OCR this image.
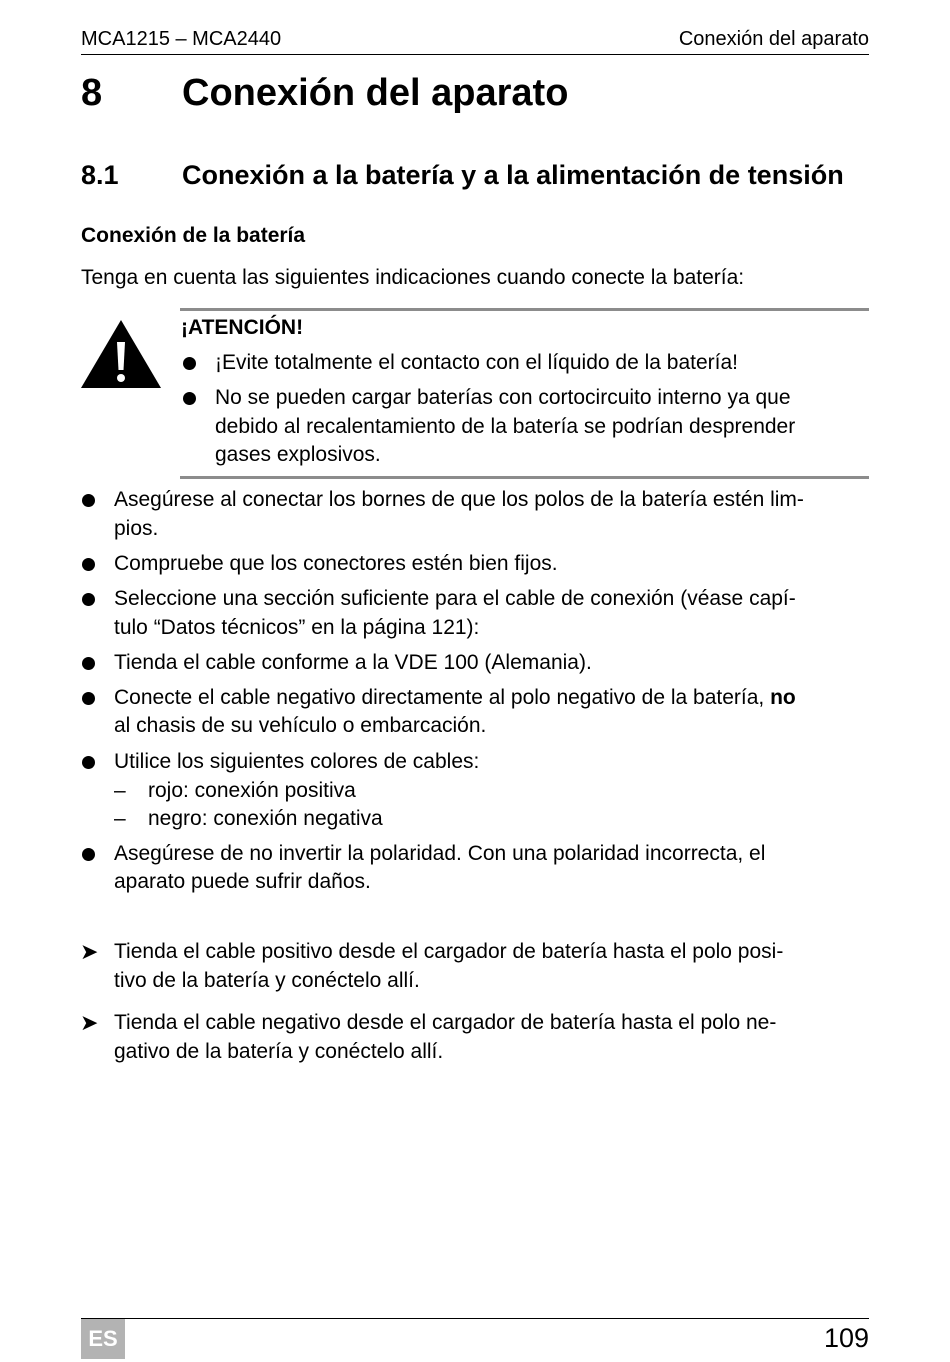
MCA1215 – MCA2440	Conexión del aparato
8 Conexión del aparato
8.1 Conexión a la batería y a la alimentación de tensión
Conexión de la batería
Tenga en cuenta las siguientes indicaciones cuando conecte la batería:
¡ATENCIÓN!
¡Evite totalmente el contacto con el líquido de la batería!
No se pueden cargar baterías con cortocircuito interno ya que
debido al recalentamiento de la batería se podrían desprender
gases explosivos.
Asegúrese al conectar los bornes de que los polos de la batería estén lim-
pios.
Compruebe que los conectores estén bien fijos.
Seleccione una sección suficiente para el cable de conexión (véase capí-
tulo “Datos técnicos” en la página 121):
Tienda el cable conforme a la VDE 100 (Alemania).
Conecte el cable negativo directamente al polo negativo de la batería, no
al chasis de su vehículo o embarcación.
Utilice los siguientes colores de cables:
– rojo: conexión positiva
– negro: conexión negativa
Asegúrese de no invertir la polaridad. Con una polaridad incorrecta, el
aparato puede sufrir daños.
➤ Tienda el cable positivo desde el cargador de batería hasta el polo posi-
tivo de la batería y conéctelo allí.
➤ Tienda el cable negativo desde el cargador de batería hasta el polo ne-
gativo de la batería y conéctelo allí.
ES	109
